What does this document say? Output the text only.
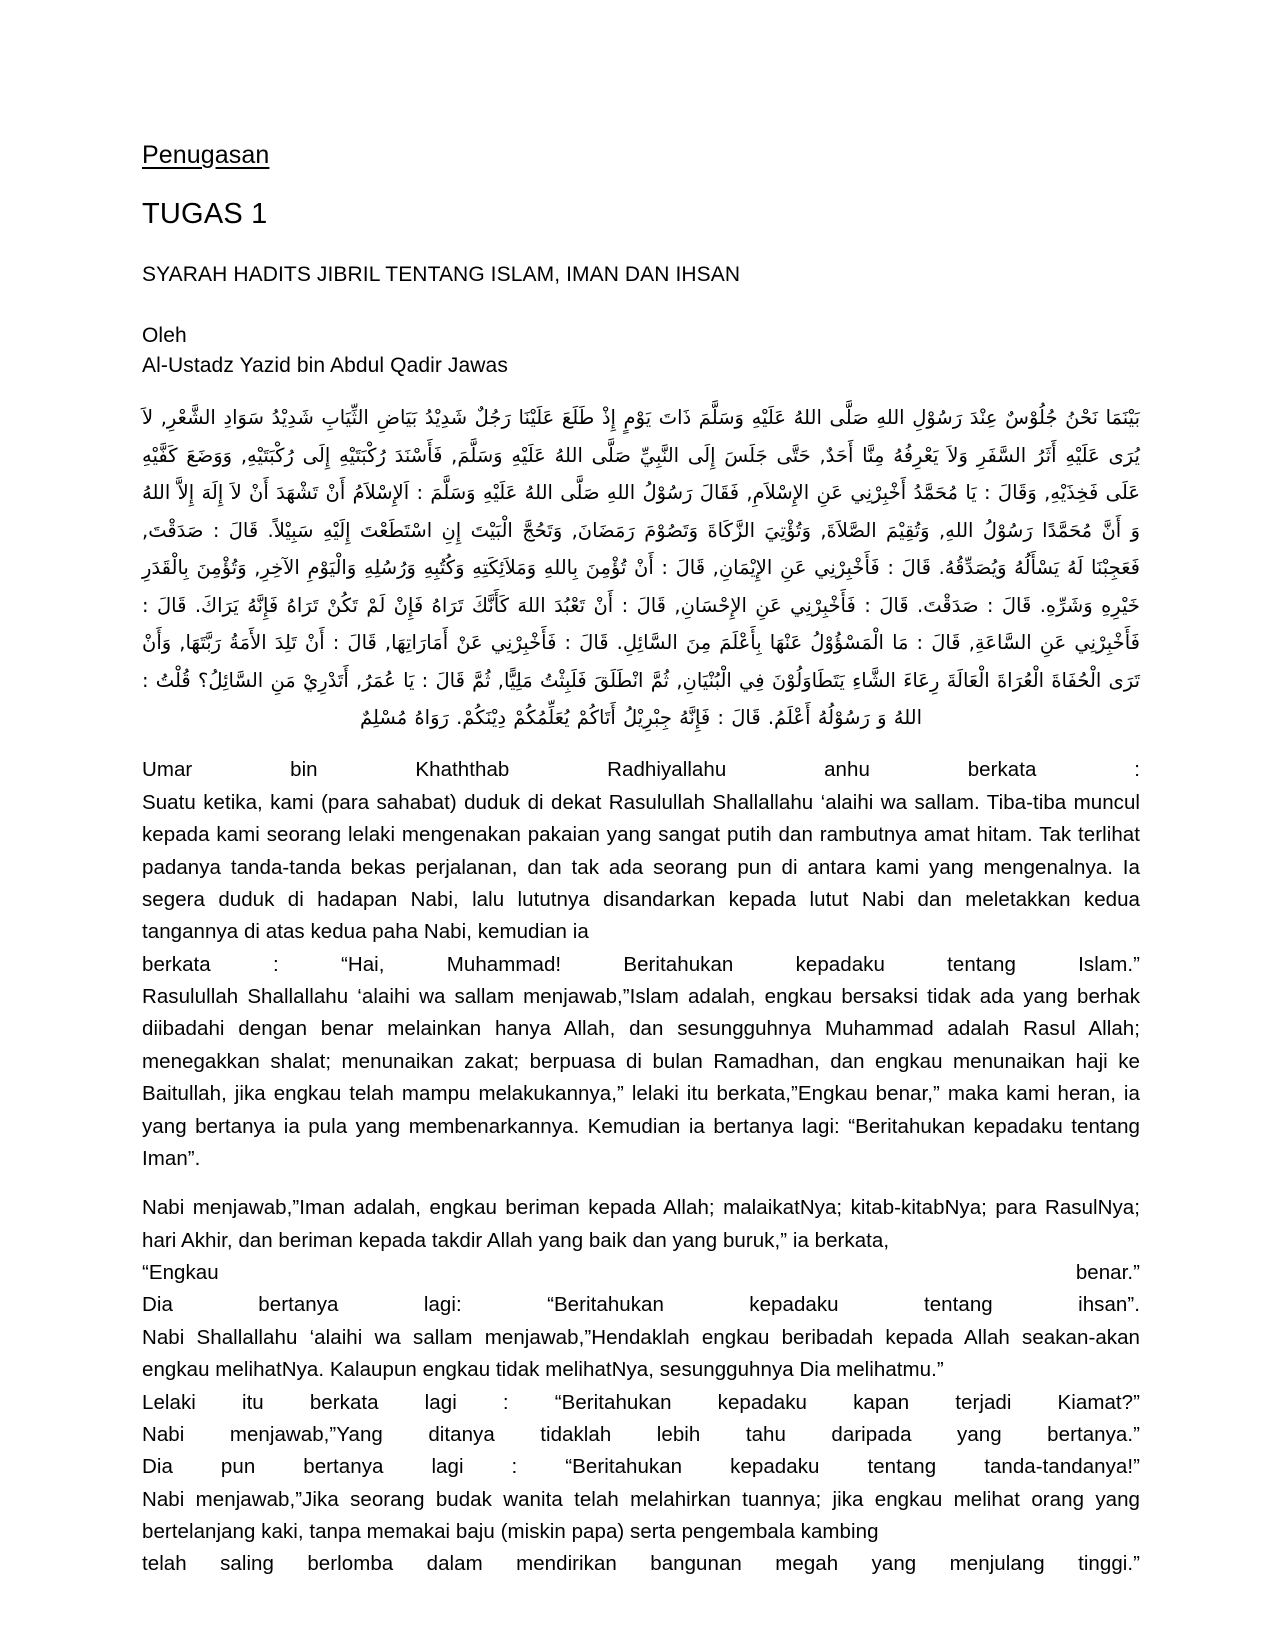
Penugasan
TUGAS 1

SYARAH HADITS JIBRIL TENTANG ISLAM, IMAN DAN IHSAN

Oleh
Al-Ustadz Yazid bin Abdul Qadir Jawas

بَيْنَمَا نَحْنُ جُلُوْسٌ عِنْدَ رَسُوْلِ اللهِ صَلَّى اللهُ عَلَيْهِ وَسَلَّمَ ذَاتَ يَوْمٍ إِذْ طَلَعَ عَلَيْنَا رَجُلٌ شَدِيْدُ بَيَاضِ الثِّيَابِ شَدِيْدُ سَوَادِ الشَّعْرِ, لاَ يُرَى عَلَيْهِ أَثَرُ السَّفَرِ وَلاَ يَعْرِفُهُ مِنَّا أَحَدٌ, حَتَّى جَلَسَ إِلَى النَّبِيِّ صَلَّى اللهُ عَلَيْهِ وَسَلَّمَ, فَأَسْنَدَ رُكْبَتَيْهِ إِلَى رُكْبَتَيْهِ, وَوَضَعَ كَفَّيْهِ عَلَى فَخِذَيْهِ, وَقَالَ : يَا مُحَمَّدُ أَخْبِرْنِي عَنِ الإِسْلاَمِ, فَقَالَ رَسُوْلُ اللهِ صَلَّى اللهُ عَلَيْهِ وَسَلَّمَ : اَلإِسْلاَمُ أَنْ تَشْهَدَ أَنْ لاَ إِلَهَ إِلاَّ اللهُ وَ أَنَّ مُحَمَّدًا رَسُوْلُ اللهِ, وَتُقِيْمَ الصَّلاَةَ, وَتُؤْتِيَ الزَّكَاةَ وَتَصُوْمَ رَمَضَانَ, وَتَحُجَّ الْبَيْتَ إِنِ اسْتَطَعْتَ إِلَيْهِ سَبِيْلاً. قَالَ : صَدَقْتَ, فَعَجِبْنَا لَهُ يَسْأَلُهُ وَيُصَدِّقُهُ. قَالَ : فَأَخْبِرْنِي عَنِ الإِيْمَانِ, قَالَ : أَنْ تُؤْمِنَ بِاللهِ وَمَلاَئِكَتِهِ وَكُتُبِهِ وَرُسُلِهِ وَالْيَوْمِ الآخِرِ, وَتُؤْمِنَ بِالْقَدَرِ خَيْرِهِ وَشَرِّهِ. قَالَ : صَدَقْتَ. قَالَ : فَأَخْبِرْنِي عَنِ الإِحْسَانِ, قَالَ : أَنْ تَعْبُدَ اللهَ كَأَنَّكَ تَرَاهُ فَإِنْ لَمْ تَكُنْ تَرَاهُ فَإِنَّهُ يَرَاكَ. قَالَ : فَأَخْبِرْنِي عَنِ السَّاعَةِ, قَالَ : مَا الْمَسْؤُوْلُ عَنْهَا بِأَعْلَمَ مِنَ السَّائِلِ. قَالَ : فَأَخْبِرْنِي عَنْ أَمَارَاتِهَا, قَالَ : أَنْ تَلِدَ الأَمَةُ رَبَّتَهَا, وَأَنْ تَرَى الْحُفَاةَ الْعُرَاةَ الْعَالَةَ رِعَاءَ الشَّاءِ يَتَطَاوَلُوْنَ فِي الْبُنْيَانِ, ثُمَّ انْطَلَقَ فَلَبِثْتُ مَلِيًّا, ثُمَّ قَالَ : يَا عُمَرُ, أَتَدْرِيْ مَنِ السَّائِلُ؟ قُلْتُ : اللهُ وَ رَسُوْلُهُ أَعْلَمُ. قَالَ : فَإِنَّهُ جِبْرِيْلُ أَتَاكُمْ يُعَلِّمُكُمْ دِيْنَكُمْ. رَوَاهُ مُسْلِمٌ

Umar bin Khaththab Radhiyallahu anhu berkata :
Suatu ketika, kami (para sahabat) duduk di dekat Rasulullah Shallallahu ‘alaihi wa sallam. Tiba-tiba muncul kepada kami seorang lelaki mengenakan pakaian yang sangat putih dan rambutnya amat hitam. Tak terlihat padanya tanda-tanda bekas perjalanan, dan tak ada seorang pun di antara kami yang mengenalnya. Ia segera duduk di hadapan Nabi, lalu lututnya disandarkan kepada lutut Nabi dan meletakkan kedua tangannya di atas kedua paha Nabi, kemudian ia
berkata : “Hai, Muhammad! Beritahukan kepadaku tentang Islam.”
Rasulullah Shallallahu ‘alaihi wa sallam menjawab,”Islam adalah, engkau bersaksi tidak ada yang berhak diibadahi dengan benar melainkan hanya Allah, dan sesungguhnya Muhammad adalah Rasul Allah; menegakkan shalat; menunaikan zakat; berpuasa di bulan Ramadhan, dan engkau menunaikan haji ke Baitullah, jika engkau telah mampu melakukannya,” lelaki itu berkata,”Engkau benar,” maka kami heran, ia yang bertanya ia pula yang membenarkannya. Kemudian ia bertanya lagi: “Beritahukan kepadaku tentang Iman”.
Nabi menjawab,”Iman adalah, engkau beriman kepada Allah; malaikatNya; kitab-kitabNya; para RasulNya; hari Akhir, dan beriman kepada takdir Allah yang baik dan yang buruk,” ia berkata,
“Engkau benar.”
Dia bertanya lagi: “Beritahukan kepadaku tentang ihsan”.
Nabi Shallallahu ‘alaihi wa sallam menjawab,”Hendaklah engkau beribadah kepada Allah seakan-akan engkau melihatNya. Kalaupun engkau tidak melihatNya, sesungguhnya Dia melihatmu.”
Lelaki itu berkata lagi : “Beritahukan kepadaku kapan terjadi Kiamat?”
Nabi menjawab,”Yang ditanya tidaklah lebih tahu daripada yang bertanya.”
Dia pun bertanya lagi : “Beritahukan kepadaku tentang tanda-tandanya!”
Nabi menjawab,”Jika seorang budak wanita telah melahirkan tuannya; jika engkau melihat orang yang bertelanjang kaki, tanpa memakai baju (miskin papa) serta pengembala kambing
telah saling berlomba dalam mendirikan bangunan megah yang menjulang tinggi.”
